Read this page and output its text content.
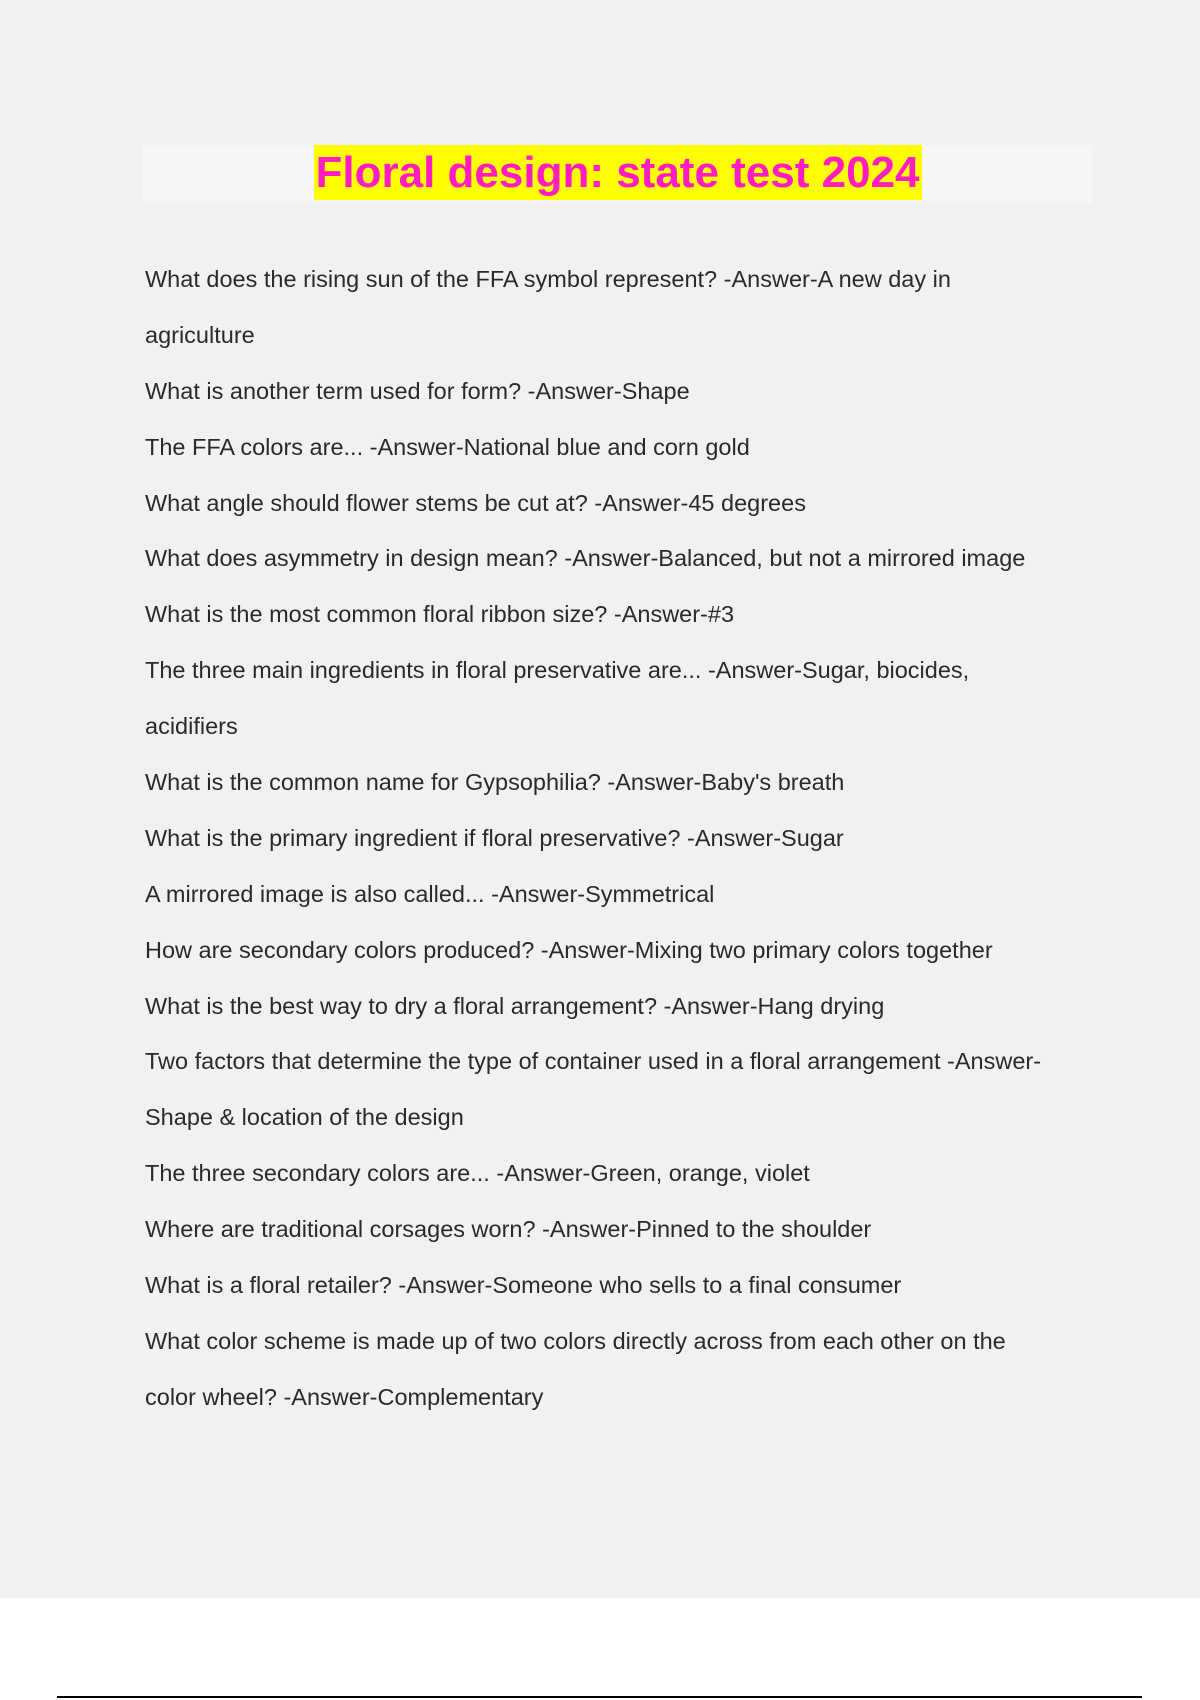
Floral design: state test 2024
What does the rising sun of the FFA symbol represent? -Answer-A new day in
agriculture
What is another term used for form? -Answer-Shape
The FFA colors are... -Answer-National blue and corn gold
What angle should flower stems be cut at? -Answer-45 degrees
What does asymmetry in design mean? -Answer-Balanced, but not a mirrored image
What is the most common floral ribbon size? -Answer-#3
The three main ingredients in floral preservative are... -Answer-Sugar, biocides,
acidifiers
What is the common name for Gypsophilia? -Answer-Baby's breath
What is the primary ingredient if floral preservative? -Answer-Sugar
A mirrored image is also called... -Answer-Symmetrical
How are secondary colors produced? -Answer-Mixing two primary colors together
What is the best way to dry a floral arrangement? -Answer-Hang drying
Two factors that determine the type of container used in a floral arrangement -Answer-
Shape & location of the design
The three secondary colors are... -Answer-Green, orange, violet
Where are traditional corsages worn? -Answer-Pinned to the shoulder
What is a floral retailer? -Answer-Someone who sells to a final consumer
What color scheme is made up of two colors directly across from each other on the
color wheel? -Answer-Complementary
